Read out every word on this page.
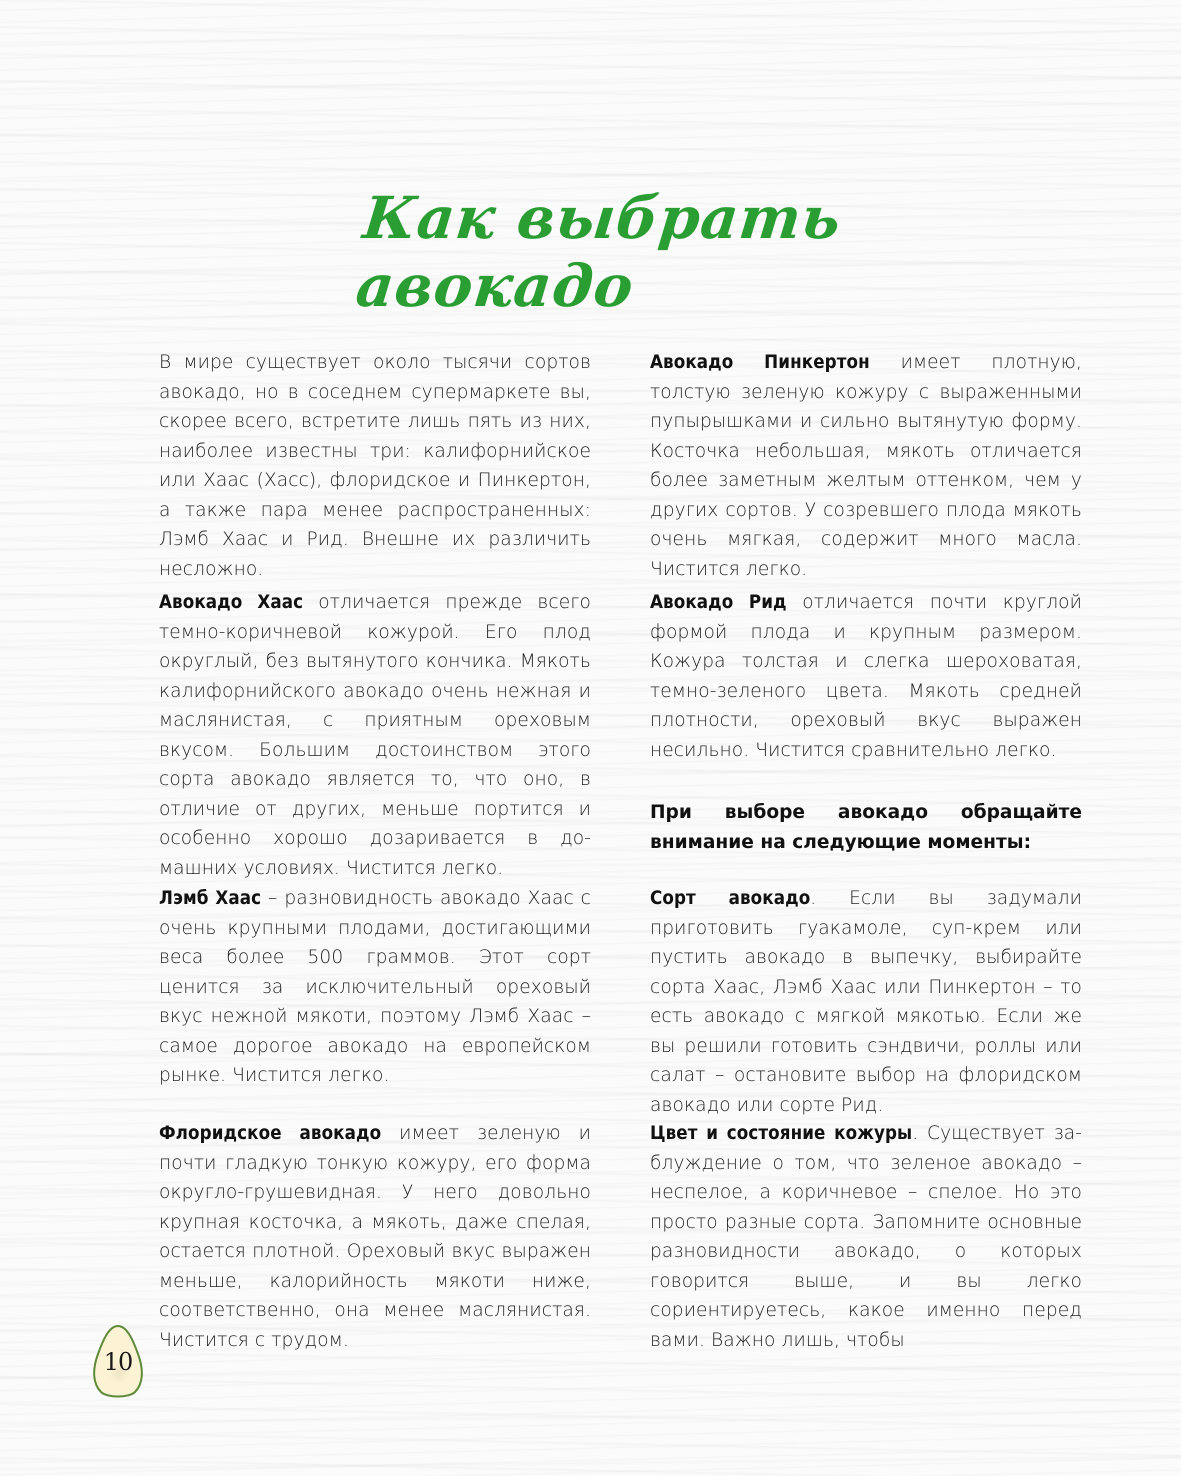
Как выбрать авокадо

В мире существует около тысячи сортов авокадо, но в соседнем супермаркете вы, скорее всего, встретите лишь пять из них, наиболее известны три: калифорнийское или Хаас (Хасс), флоридское и Пинкертон, а также пара менее распространенных: Лэмб Хаас и Рид. Внешне их различить несложно.

Авокадо Хаас отличается прежде всего темно-коричневой кожурой. Его плод округлый, без вытянутого кончика. Мякоть калифорнийского авокадо очень нежная и маслянистая, с приятным ореховым вкусом. Большим достоинством этого сорта авокадо является то, что оно, в отличие от других, меньше портится и особенно хорошо дозаривается в домашних условиях. Чистится легко.

Лэмб Хаас – разновидность авокадо Хаас с очень крупными плодами, достигающими веса более 500 граммов. Этот сорт ценится за исключительный ореховый вкус нежной мякоти, поэтому Лэмб Хаас – самое дорогое авокадо на европейском рынке. Чистится легко.

Флоридское авокадо имеет зеленую и почти гладкую тонкую кожуру, его форма округло-грушевидная. У него довольно крупная косточка, а мякоть, даже спелая, остается плотной. Ореховый вкус выражен меньше, калорийность мякоти ниже, соответственно, она менее маслянистая. Чистится с трудом.

Авокадо Пинкертон имеет плотную, толстую зеленую кожуру с выраженными пупырышками и сильно вытянутую форму. Косточка небольшая, мякоть отличается более заметным желтым оттенком, чем у других сортов. У созревшего плода мякоть очень мягкая, содержит много масла. Чистится легко.

Авокадо Рид отличается почти круглой формой плода и крупным размером. Кожура толстая и слегка шероховатая, темно-зеленого цвета. Мякоть средней плотности, ореховый вкус выражен несильно. Чистится сравнительно легко.

При выборе авокадо обращайте внимание на следующие моменты:

Сорт авокадо. Если вы задумали приготовить гуакамоле, суп-крем или пустить авокадо в выпечку, выбирайте сорта Хаас, Лэмб Хаас или Пинкертон – то есть авокадо с мягкой мякотью. Если же вы решили готовить сэндвичи, роллы или салат – остановите выбор на флоридском авокадо или сорте Рид.

Цвет и состояние кожуры. Существует заблуждение о том, что зеленое авокадо – неспелое, а коричневое – спелое. Но это просто разные сорта. Запомните основные разновидности авокадо, о которых говорится выше, и вы легко сориентируетесь, какое именно перед вами. Важно лишь, чтобы

10
